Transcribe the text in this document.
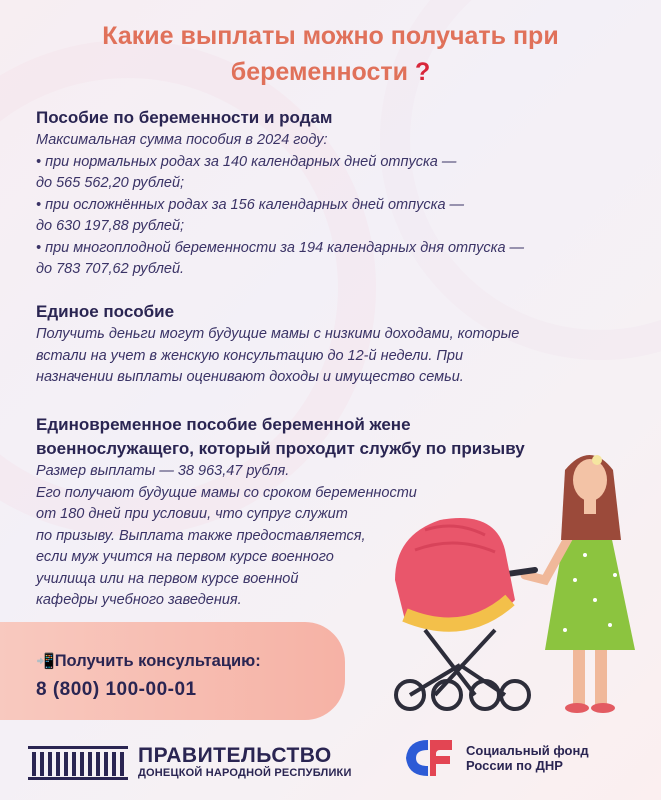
Какие выплаты можно получать при
беременности ?
Пособие по беременности и родам
Максимальная сумма пособия в 2024 году:
• при нормальных родах за 140 календарных дней отпуска —
до 565 562,20 рублей;
• при осложнённых родах за 156 календарных дней отпуска —
до 630 197,88 рублей;
• при многоплодной беременности за 194 календарных дня отпуска —
до 783 707,62 рублей.
Единое пособие
Получить деньги могут будущие мамы с низкими доходами, которые
встали на учет в женскую консультацию до 12-й недели. При
назначении выплаты оценивают доходы и имущество семьи.
Единовременное пособие беременной жене
военнослужащего, который проходит службу по призыву
Размер выплаты — 38 963,47 рубля.
Его получают будущие мамы со сроком беременности
от 180 дней при условии, что супруг служит
по призыву. Выплата также предоставляется,
если муж учится на первом курсе военного
училища или на первом курсе военной
кафедры учебного заведения.
📲Получить консультацию:
8 (800) 100-00-01
ПРАВИТЕЛЬСТВО
ДОНЕЦКОЙ НАРОДНОЙ РЕСПУБЛИКИ
Социальный фонд
России по ДНР
